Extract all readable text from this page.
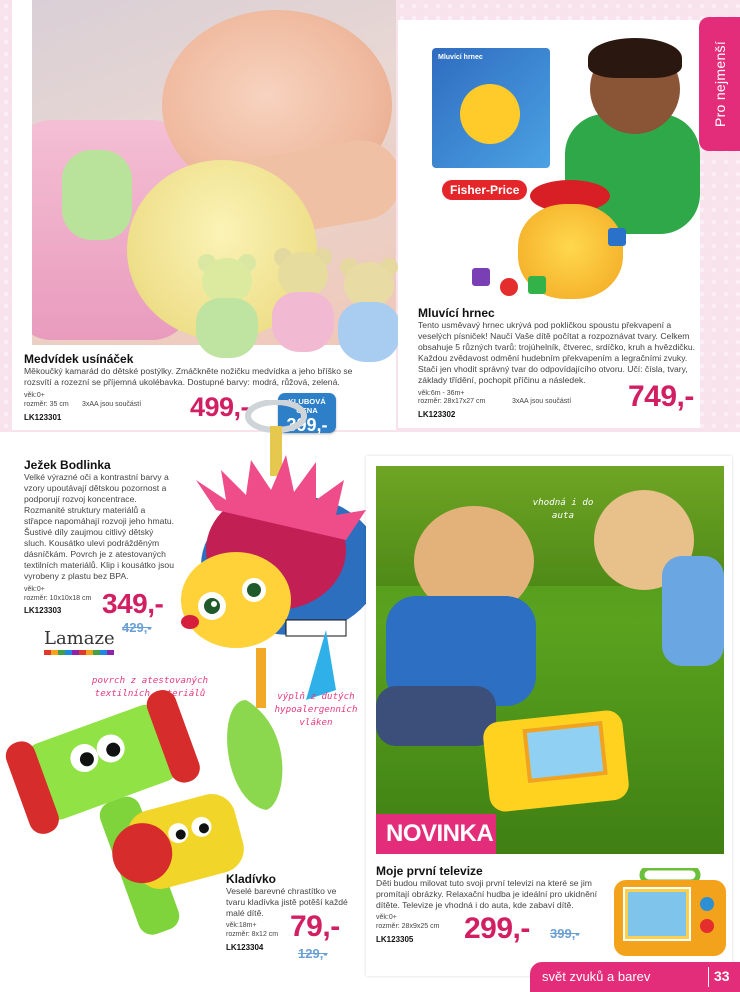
Medvídek usínáček
Měkoučký kamarád do dětské postýlky. Zmáčkněte nožičku medvídka a jeho bříško se rozsvítí a rozezní se příjemná ukolébavka. Dostupné barvy: modrá, růžová, zelená.
věk:0+
rozměr: 35 cm 3xAA jsou součástí
LK123301	499,-	KLUBOVÁ CENA
399,-
Mluvící hrnec
Fisher-Price
Pro nejmenší
Mluvící hrnec
Tento usměvavý hrnec ukrývá pod pokličkou spoustu překvapení a veselých písniček! Naučí Vaše dítě počítat a rozpoznávat tvary. Celkem obsahuje 5 různých tvarů: trojúhelník, čtverec, srdíčko, kruh a hvězdičku. Každou zvědavost odmění hudebním překvapením a legračními zvuky. Stačí jen vhodit správný tvar do odpovídajícího otvoru. Učí: čísla, tvary, základy třídění, pochopit příčinu a následek.
věk:6m - 36m+
rozměr: 28x17x27 cm	3xAA jsou součástí
LK123302
749,-
Ježek Bodlinka
Velké výrazné oči a kontrastní barvy a vzory upoutávají dětskou pozornost a podporují rozvoj koncentrace. Rozmanité struktury materiálů a střapce napomáhají rozvoji jeho hmatu. Šustivé díly zaujmou citlivý dětský sluch. Kousátko ulevi podrážděným dásníčkám. Povrch je z atestovaných textilních materiálů. Klip i kousátko jsou vyrobeny z plastu bez BPA.
věk:0+
rozměr: 10x10x18 cm
LK123303 349,-
429,-
Lamaze
povrch z atestovaných textilních materiálů	výplň z dutých hypoalergenních vláken
Kladívko
Veselé barevné chrastítko ve tvaru kladívka jistě potěší každé malé dítě.
věk:18m+
rozměr: 8x12 cm
LK123304
79,-
129,-
vhodná i do auta
NOVINKA
Moje první televize
Děti budou milovat tuto svoji první televizi na které se jim promítají obrázky. Relaxační hudba je ideální pro ukidnění dítěte. Televize je vhodná i do auta, kde zabaví dítě.
věk:0+
rozměr: 28x9x25 cm
LK123305 299,- 399,-
svět zvuků a barev	33
